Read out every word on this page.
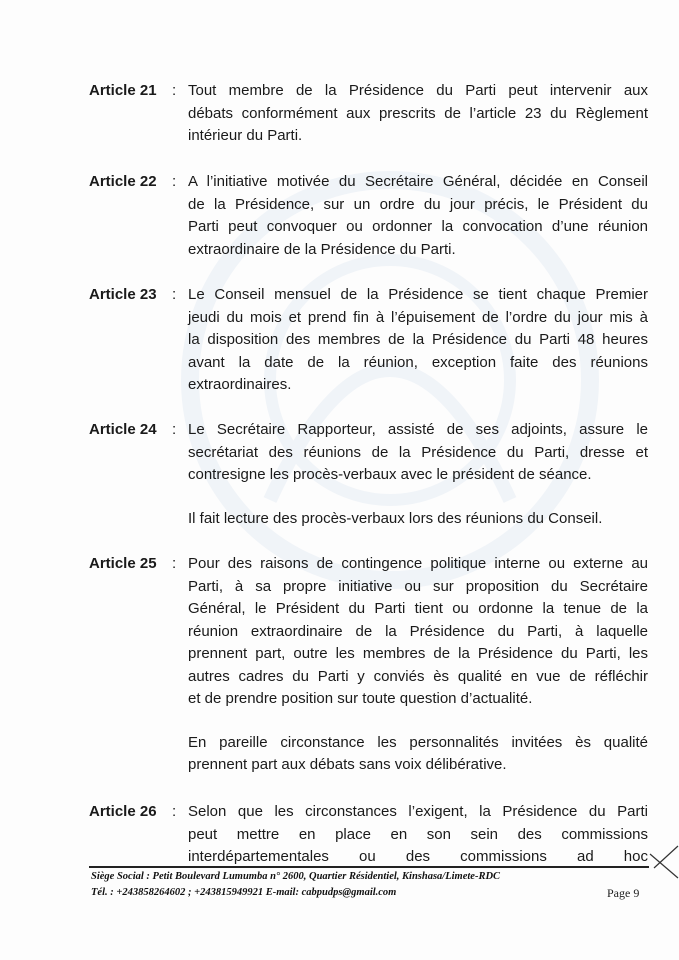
Article 21	: Tout membre de la Présidence du Parti peut intervenir aux
débats conformément aux prescrits de l’article 23 du Règlement
intérieur du Parti.
Article 22	: A l’initiative motivée du Secrétaire Général, décidée en Conseil
de la Présidence, sur un ordre du jour précis, le Président du
Parti peut convoquer ou ordonner la convocation d’une réunion
extraordinaire de la Présidence du Parti.
Article 23	: Le Conseil mensuel de la Présidence se tient chaque Premier
jeudi du mois et prend fin à l’épuisement de l’ordre du jour mis à
la disposition des membres de la Présidence du Parti 48 heures
avant la date de la réunion, exception faite des réunions
extraordinaires.
Article 24	: Le Secrétaire Rapporteur, assisté de ses adjoints, assure le
secrétariat des réunions de la Présidence du Parti, dresse et
contresigne les procès-verbaux avec le président de séance.
Il fait lecture des procès-verbaux lors des réunions du Conseil.
Article 25	: Pour des raisons de contingence politique interne ou externe au
Parti, à sa propre initiative ou sur proposition du Secrétaire
Général, le Président du Parti tient ou ordonne la tenue de la
réunion extraordinaire de la Présidence du Parti, à laquelle
prennent part, outre les membres de la Présidence du Parti, les
autres cadres du Parti y conviés ès qualité en vue de réfléchir
et de prendre position sur toute question d’actualité.
En pareille circonstance les personnalités invitées ès qualité
prennent part aux débats sans voix délibérative.
Article 26	: Selon que les circonstances l’exigent, la Présidence du Parti
peut mettre en place en son sein des commissions
interdépartementales ou des commissions ad hoc
Siège Social : Petit Boulevard Lumumba n° 2600, Quartier Résidentiel, Kinshasa/Limete-RDC
Tél. : +243858264602 ; +243815949921 E-mail: cabpudps@gmail.com	Page 9
